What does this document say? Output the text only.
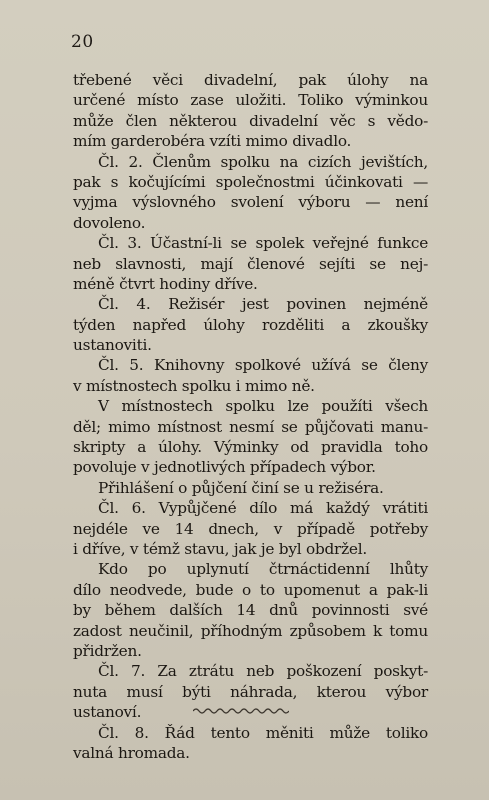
20
třebené věci divadelní, pak úlohy na
určené místo zase uložiti. Toliko výminkou
může člen některou divadelní věc s vědo-
mím garderobéra vzíti mimo divadlo.
Čl. 2. Členům spolku na cizích jevištích,
pak s kočujícími společnostmi účinkovati —
vyjma výslovného svolení výboru — není
dovoleno.
Čl. 3. Účastní-li se spolek veřejné funkce
neb slavnosti, mají členové sejíti se nej-
méně čtvrt hodiny dříve.
Čl. 4. Režisér jest povinen nejméně
týden napřed úlohy rozděliti a zkoušky
ustanoviti.
Čl. 5. Knihovny spolkové užívá se členy
v místnostech spolku i mimo ně.
V místnostech spolku lze použíti všech
děl; mimo místnost nesmí se půjčovati manu-
skripty a úlohy. Výminky od pravidla toho
povoluje v jednotlivých případech výbor.
Přihlášení o půjčení činí se u režiséra.
Čl. 6. Vypůjčené dílo má každý vrátiti
nejdéle ve 14 dnech, v případě potřeby
i dříve, v témž stavu, jak je byl obdržel.
Kdo po uplynutí čtrnáctidenní lhůty
dílo neodvede, bude o to upomenut a pak-li
by během dalších 14 dnů povinnosti své
zadost neučinil, příhodným způsobem k tomu
přidržen.
Čl. 7. Za ztrátu neb poškození poskyt-
nuta musí býti náhrada, kterou výbor
ustanoví.
Čl. 8. Řád tento měniti může toliko
valná hromada.
